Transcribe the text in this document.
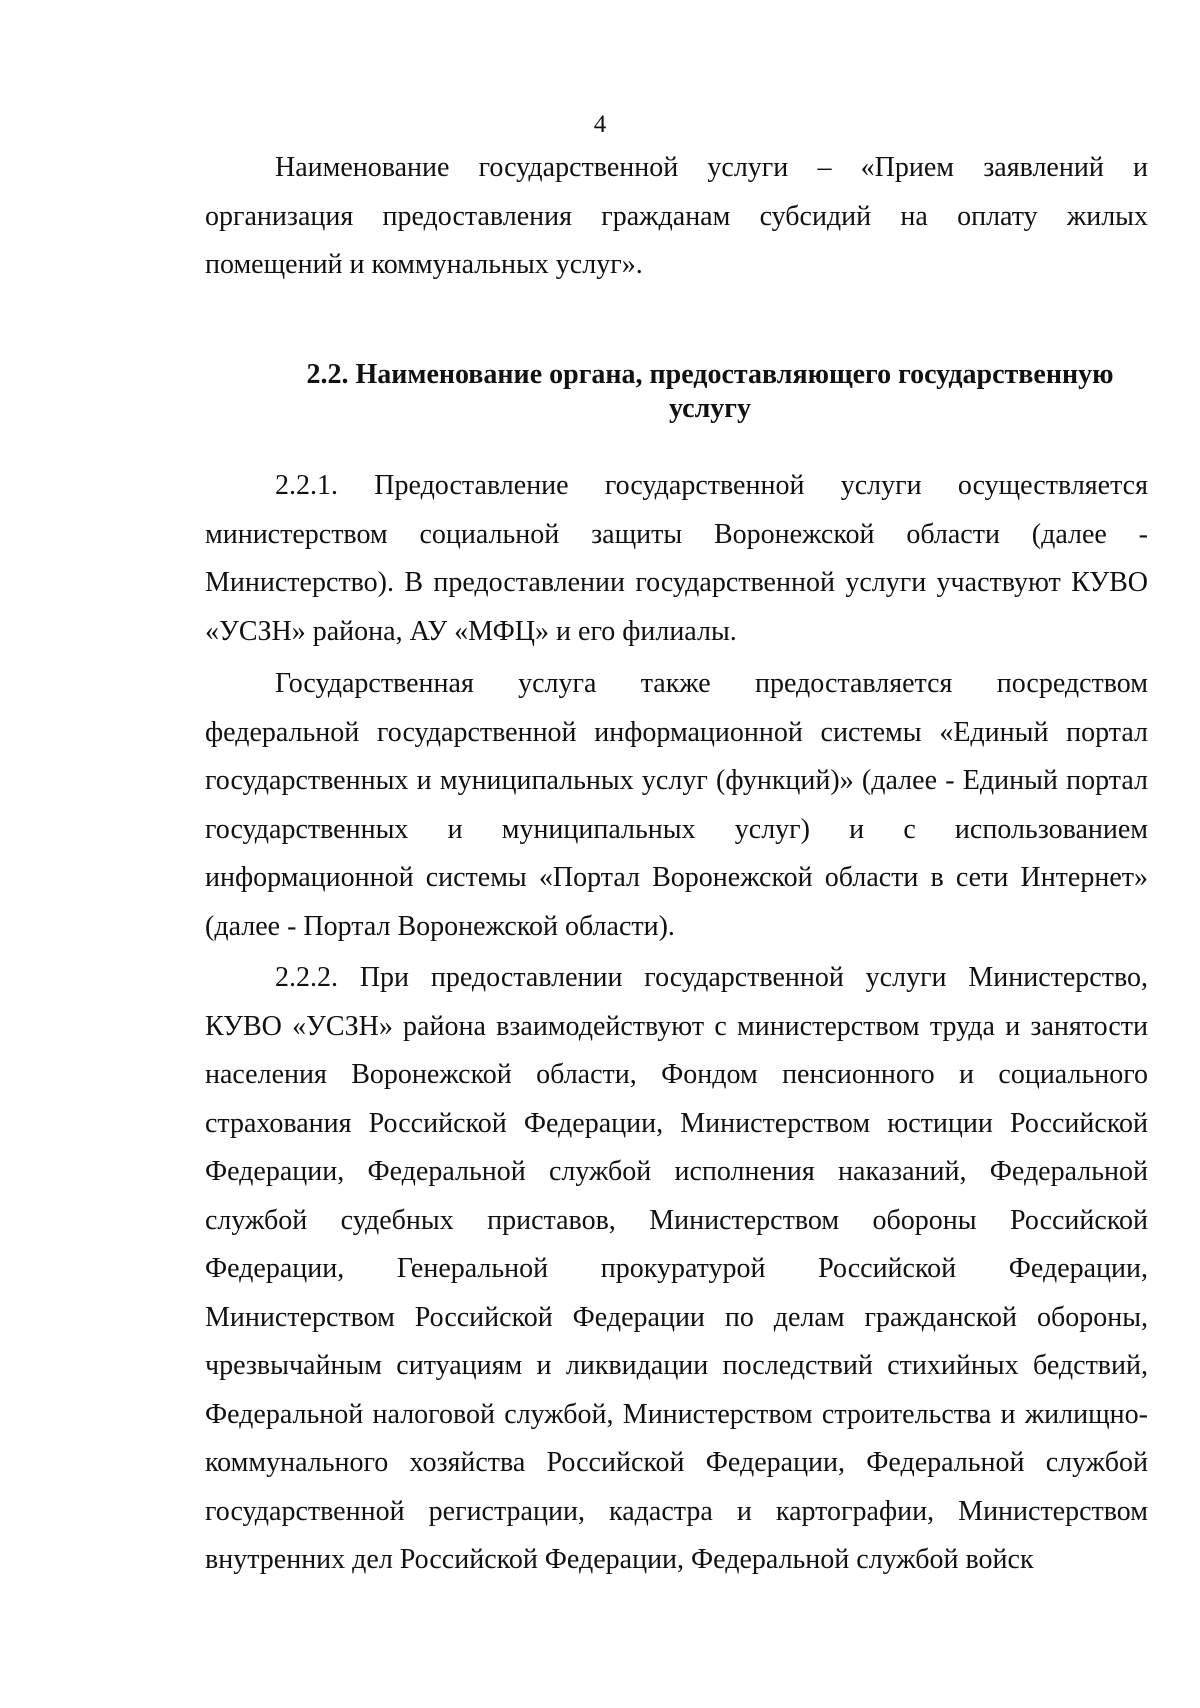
4

Наименование государственной услуги – «Прием заявлений и организация предоставления гражданам субсидий на оплату жилых помещений и коммунальных услуг».

2.2. Наименование органа, предоставляющего государственную услугу

2.2.1. Предоставление государственной услуги осуществляется министерством социальной защиты Воронежской области (далее - Министерство). В предоставлении государственной услуги участвуют КУВО «УСЗН» района, АУ «МФЦ» и его филиалы.

Государственная услуга также предоставляется посредством федеральной государственной информационной системы «Единый портал государственных и муниципальных услуг (функций)» (далее - Единый портал государственных и муниципальных услуг) и с использованием информационной системы «Портал Воронежской области в сети Интернет» (далее - Портал Воронежской области).

2.2.2. При предоставлении государственной услуги Министерство, КУВО «УСЗН» района взаимодействуют с министерством труда и занятости населения Воронежской области, Фондом пенсионного и социального страхования Российской Федерации, Министерством юстиции Российской Федерации, Федеральной службой исполнения наказаний, Федеральной службой судебных приставов, Министерством обороны Российской Федерации, Генеральной прокуратурой Российской Федерации, Министерством Российской Федерации по делам гражданской обороны, чрезвычайным ситуациям и ликвидации последствий стихийных бедствий, Федеральной налоговой службой, Министерством строительства и жилищно-коммунального хозяйства Российской Федерации, Федеральной службой государственной регистрации, кадастра и картографии, Министерством внутренних дел Российской Федерации, Федеральной службой войск
